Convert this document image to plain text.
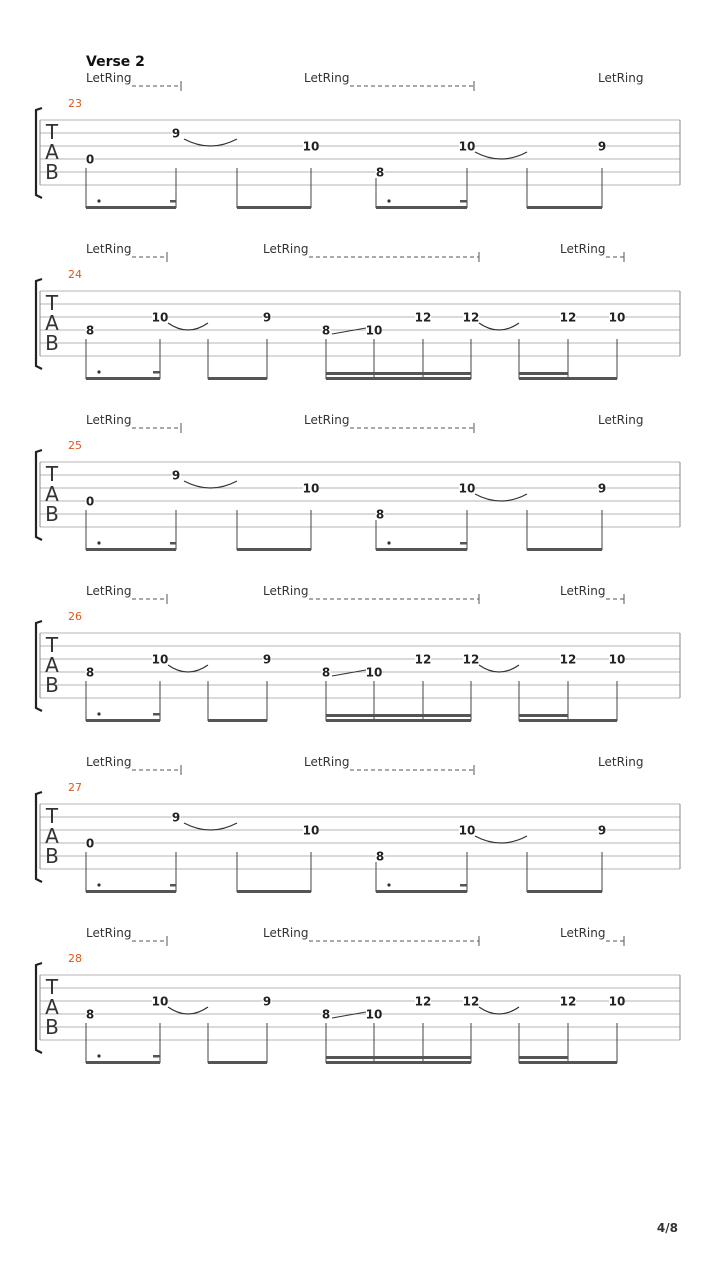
Verse 2
LetRing	LetRing	LetRing
23
T
A
B
0
9
10
8
10	9
LetRing	LetRing	LetRing
24
T
A
B
8
10	9
8	10
12	12	12	10
LetRing	LetRing	LetRing
25
T
A
B
0
9
10
8
10	9
LetRing	LetRing	LetRing
26
T
A
B
8
10	9
8	10
12	12	12	10
LetRing	LetRing	LetRing
27
T
A
B
0
9
10
8
10	9
LetRing	LetRing	LetRing
28
T
A
B
8
10	9
8	10
12	12	12	10
4/8
